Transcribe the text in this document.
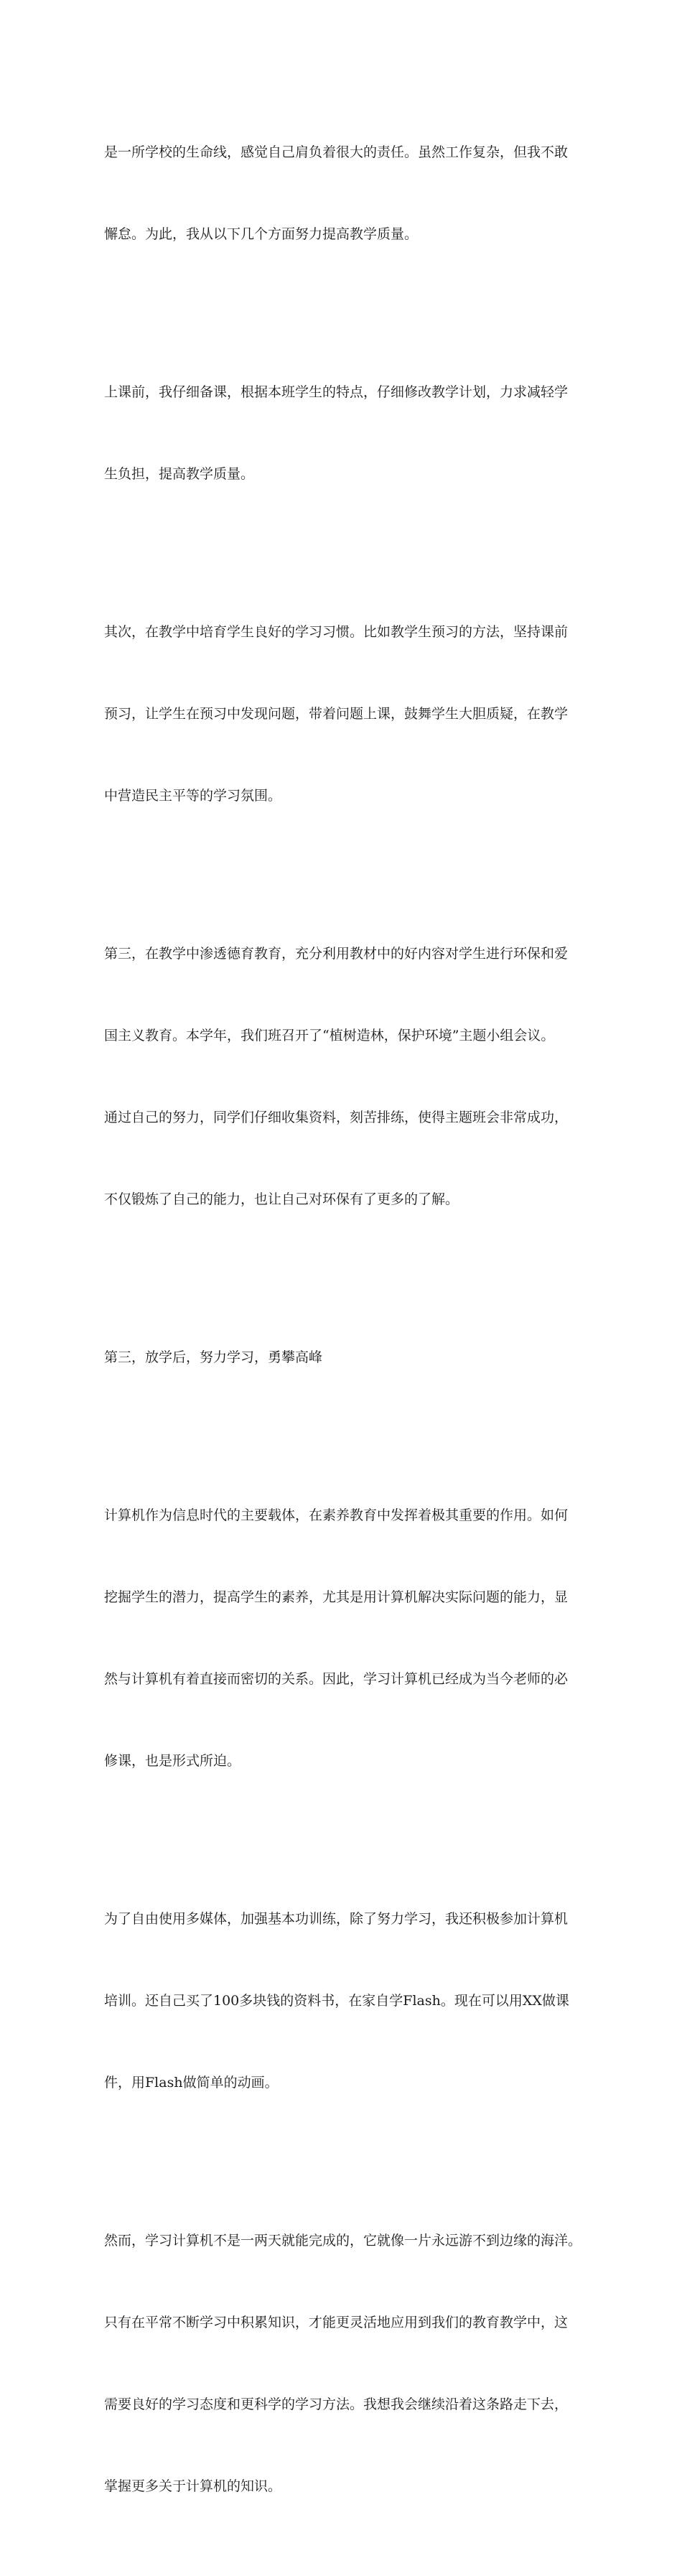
是一所学校的生命线，感觉自己肩负着很大的责任。虽然工作复杂，但我不敢

懈怠。为此，我从以下几个方面努力提高教学质量。

上课前，我仔细备课，根据本班学生的特点，仔细修改教学计划，力求减轻学

生负担，提高教学质量。

其次，在教学中培育学生良好的学习习惯。比如教学生预习的方法，坚持课前

预习，让学生在预习中发现问题，带着问题上课，鼓舞学生大胆质疑，在教学

中营造民主平等的学习氛围。

第三，在教学中渗透德育教育，充分利用教材中的好内容对学生进行环保和爱

国主义教育。本学年，我们班召开了“植树造林，保护环境”主题小组会议。

通过自己的努力，同学们仔细收集资料，刻苦排练，使得主题班会非常成功，

不仅锻炼了自己的能力，也让自己对环保有了更多的了解。

第三，放学后，努力学习，勇攀高峰

计算机作为信息时代的主要载体，在素养教育中发挥着极其重要的作用。如何

挖掘学生的潜力，提高学生的素养，尤其是用计算机解决实际问题的能力，显

然与计算机有着直接而密切的关系。因此，学习计算机已经成为当今老师的必

修课，也是形式所迫。

为了自由使用多媒体，加强基本功训练，除了努力学习，我还积极参加计算机

培训。还自己买了100多块钱的资料书，在家自学Flash。现在可以用XX做课

件，用Flash做简单的动画。

然而，学习计算机不是一两天就能完成的，它就像一片永远游不到边缘的海洋。

只有在平常不断学习中积累知识，才能更灵活地应用到我们的教育教学中，这

需要良好的学习态度和更科学的学习方法。我想我会继续沿着这条路走下去，

掌握更多关于计算机的知识。
